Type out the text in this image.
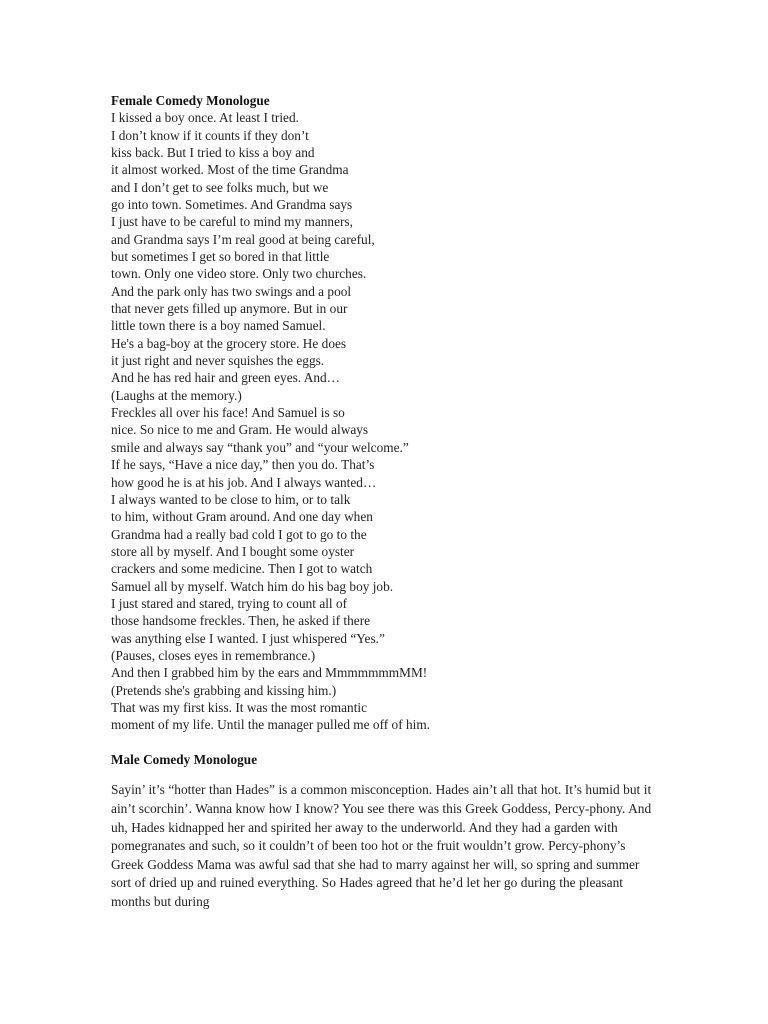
Female Comedy Monologue
I kissed a boy once. At least I tried.
I don’t know if it counts if they don’t
kiss back. But I tried to kiss a boy and
it almost worked. Most of the time Grandma
and I don’t get to see folks much, but we
go into town. Sometimes. And Grandma says
I just have to be careful to mind my manners,
and Grandma says I’m real good at being careful,
but sometimes I get so bored in that little
town. Only one video store. Only two churches.
And the park only has two swings and a pool
that never gets filled up anymore. But in our
little town there is a boy named Samuel.
He's a bag-boy at the grocery store. He does
it just right and never squishes the eggs.
And he has red hair and green eyes. And…
(Laughs at the memory.)
Freckles all over his face! And Samuel is so
nice. So nice to me and Gram. He would always
smile and always say “thank you” and “your welcome.”
If he says, “Have a nice day,” then you do. That’s
how good he is at his job. And I always wanted…
I always wanted to be close to him, or to talk
to him, without Gram around. And one day when
Grandma had a really bad cold I got to go to the
store all by myself. And I bought some oyster
crackers and some medicine. Then I got to watch
Samuel all by myself. Watch him do his bag boy job.
I just stared and stared, trying to count all of
those handsome freckles. Then, he asked if there
was anything else I wanted. I just whispered “Yes.”
(Pauses, closes eyes in remembrance.)
And then I grabbed him by the ears and MmmmmmmMM!
(Pretends she's grabbing and kissing him.)
That was my first kiss. It was the most romantic
moment of my life. Until the manager pulled me off of him.
Male Comedy Monologue

Sayin’ it’s “hotter than Hades” is a common misconception. Hades ain’t all that hot. It’s humid but it ain’t scorchin’. Wanna know how I know? You see there was this Greek Goddess, Percy-phony. And uh, Hades kidnapped her and spirited her away to the underworld. And they had a garden with pomegranates and such, so it couldn’t of been too hot or the fruit wouldn’t grow. Percy-phony’s Greek Goddess Mama was awful sad that she had to marry against her will, so spring and summer sort of dried up and ruined everything. So Hades agreed that he’d let her go during the pleasant months but during
